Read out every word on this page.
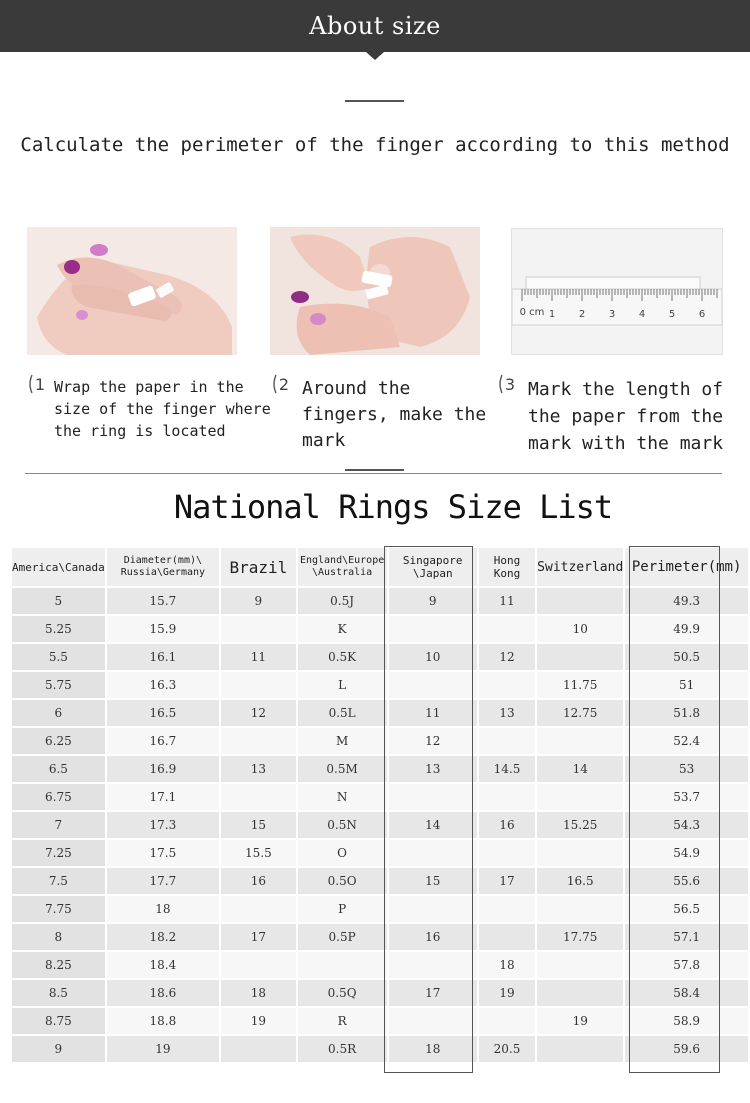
About size
Calculate the perimeter of the finger according to this method
0 cm 1 2 3 4 5 6
1 Wrap the paper in the size of the finger where the ring is located
2 Around the fingers, make the mark
3 Mark the length of the paper from the mark with the mark
National Rings Size List
America\Canada	Diameter(mm)\ Russia\Germany	Brazil	England\Europe \Australia	Singapore \Japan	Hong Kong	Switzerland	Perimeter(mm)
5	15.7	9	0.5J	9	11		49.3
5.25	15.9		K			10	49.9
5.5	16.1	11	0.5K	10	12		50.5
5.75	16.3		L			11.75	51
6	16.5	12	0.5L	11	13	12.75	51.8
6.25	16.7		M	12			52.4
6.5	16.9	13	0.5M	13	14.5	14	53
6.75	17.1		N				53.7
7	17.3	15	0.5N	14	16	15.25	54.3
7.25	17.5	15.5	O				54.9
7.5	17.7	16	0.5O	15	17	16.5	55.6
7.75	18		P				56.5
8	18.2	17	0.5P	16		17.75	57.1
8.25	18.4				18		57.8
8.5	18.6	18	0.5Q	17	19		58.4
8.75	18.8	19	R			19	58.9
9	19		0.5R	18	20.5		59.6
